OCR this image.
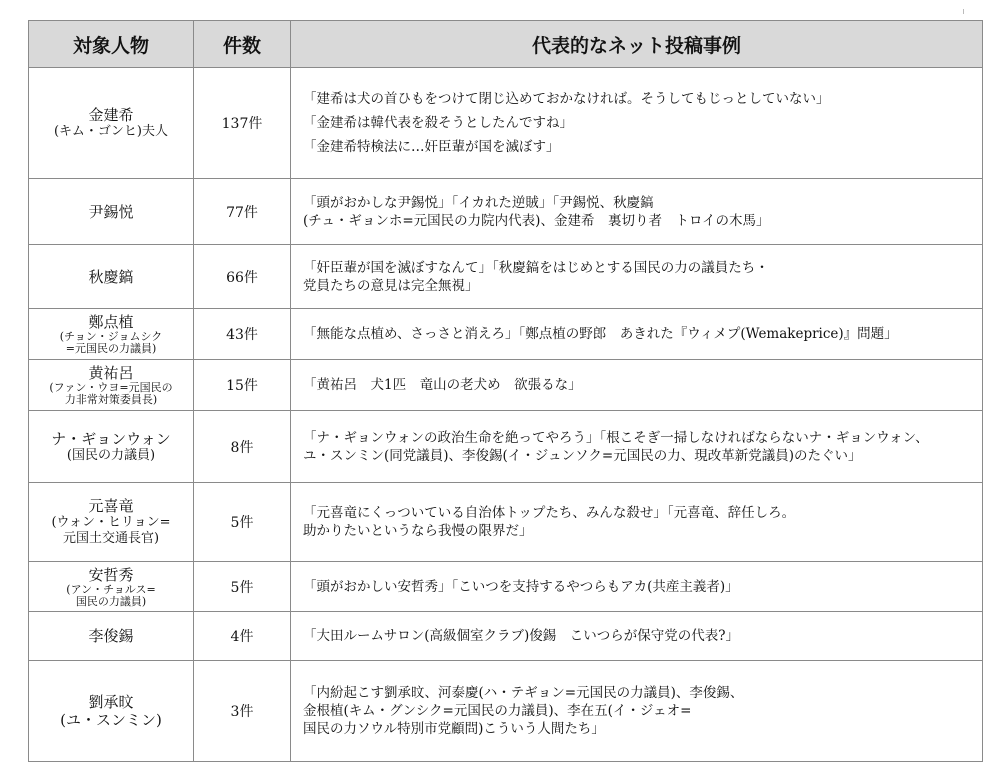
対象人物	件数	代表的なネット投稿事例

金建希
(キム・ゴンヒ)夫人	137件	「建希は犬の首ひもをつけて閉じ込めておかなければ。そうしてもじっとしていない」
「金建希は韓代表を殺そうとしたんですね」
「金建希特検法に…奸臣輩が国を滅ぼす」

尹錫悦	77件	「頭がおかしな尹錫悦」「イカれた逆賊」「尹錫悦、秋慶鎬
(チュ・ギョンホ=元国民の力院内代表)、金建希　裏切り者　トロイの木馬」

秋慶鎬	66件	「奸臣輩が国を滅ぼすなんて」「秋慶鎬をはじめとする国民の力の議員たち・
党員たちの意見は完全無視」

鄭点植
(チョン・ジョムシク=元国民の力議員)	43件	「無能な点植め、さっさと消えろ」「鄭点植の野郎　あきれた『ウィメプ(Wemakeprice)』問題」

黄祐呂
(ファン・ウヨ=元国民の力非常対策委員長)	15件	「黄祐呂　犬1匹　竜山の老犬め　欲張るな」

ナ・ギョンウォン
(国民の力議員)	8件	「ナ・ギョンウォンの政治生命を絶ってやろう」「根こそぎ一掃しなければならないナ・ギョンウォン、
ユ・スンミン(同党議員)、李俊錫(イ・ジュンソク=元国民の力、現改革新党議員)のたぐい」

元喜竜
(ウォン・ヒリョン=元国土交通長官)	5件	「元喜竜にくっついている自治体トップたち、みんな殺せ」「元喜竜、辞任しろ。
助かりたいというなら我慢の限界だ」

安哲秀
(アン・チョルス=国民の力議員)	5件	「頭がおかしい安哲秀」「こいつを支持するやつらもアカ(共産主義者)」

李俊錫	4件	「大田ルームサロン(高級個室クラブ)俊錫　こいつらが保守党の代表?」

劉承旼
(ユ・スンミン)	3件	「内紛起こす劉承旼、河泰慶(ハ・テギョン=元国民の力議員)、李俊錫、
金根植(キム・グンシク=元国民の力議員)、李在五(イ・ジェオ=
国民の力ソウル特別市党顧問)こういう人間たち」
